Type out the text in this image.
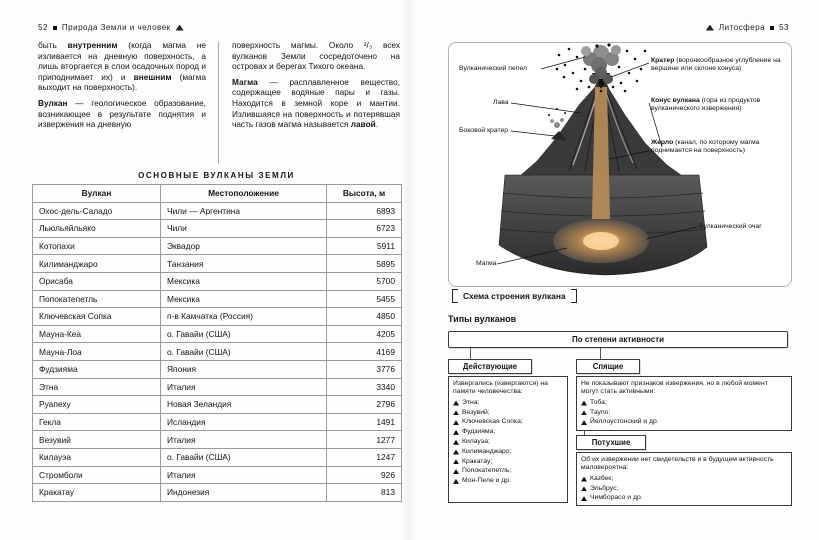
52 Природа Земли и человек	Литосфера 53

быть внутренним (когда магма не изливается на дневную поверхность, а лишь вторгается в слои осадочных пород и приподнимает их) и внешним (магма выходит на поверхность).

Вулкан — геологическое образование, возникающее в результате поднятия и извержения на дневную

поверхность магмы. Около ²/₃ всех вулканов Земли сосредоточено на островах и берегах Тихого океана.

Магма — расплавленное вещество, содержащее водяные пары и газы. Находится в земной коре и мантии. Излившаяся на поверхность и потерявшая часть газов магма называется лавой.

ОСНОВНЫЕ ВУЛКАНЫ ЗЕМЛИ
Вулкан	Местоположение	Высота, м
Охос-дель-Саладо	Чили — Аргентина	6893
Льюльяйльяко	Чили	6723
Котопахи	Эквадор	5911
Килиманджаро	Танзания	5895
Орисаба	Мексика	5700
Попокатепетль	Мексика	5455
Ключевская Сопка	п-в Камчатка (Россия)	4850
Мауна-Кеа	о. Гавайи (США)	4205
Мауна-Лоа	о. Гавайи (США)	4169
Фудзияма	Япония	3776
Этна	Италия	3340
Руапеху	Новая Зеландия	2796
Гекла	Исландия	1491
Везувий	Италия	1277
Килауэа	о. Гавайи (США)	1247
Стромболи	Италия	926
Кракатау	Индонезия	813
Вулканический пепел
Лава
Боковой кратер
Магма
Кратер (воронкообразное углубление на вершине или склоне конуса)
Конус вулкана (гора из продуктов вулканического извержения)
Жерло (канал, по которому магма поднимается на поверхность)
Вулканический очаг
Схема строения вулкана
Типы вулканов
По степени активности
Действующие
Извергались (извергаются) на памяти человечества:
Этна;
Везувий;
Ключевская Сопка;
Фудзияма;
Килауэа;
Килиманджаро;
Кракатау;
Попокатепетль;
Мон-Пеле и др.
Спящие
Не показывают признаков извержения, но в любой момент могут стать активными:
Тоба;
Таупо;
Йеллоустонский и др.
Потухшие
Об их извержении нет свидетельств и в будущем активность маловероятна:
Казбек;
Эльбрус;
Чимборасо и др.
